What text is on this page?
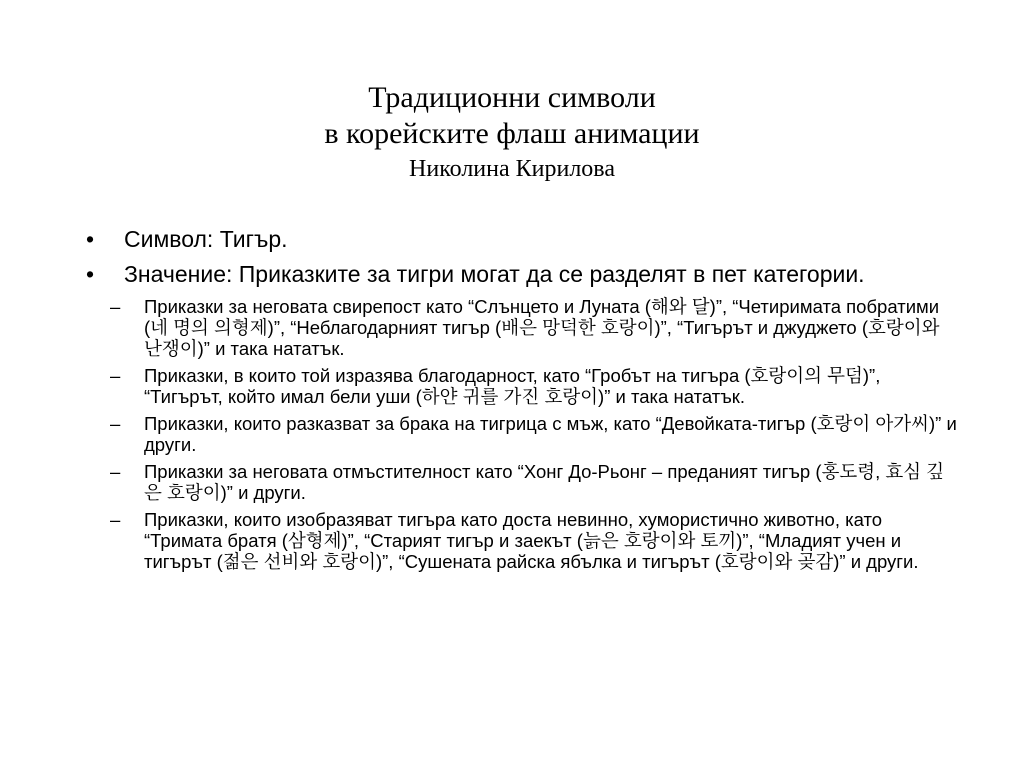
Традиционни символи
в корейските флаш анимации
Николина Кирилова
• Символ: Тигър.
• Значение: Приказките за тигри могат да се разделят в пет категории.
– Приказки за неговата свирепост като “Слънцето и Луната (해와 달)”, “Четиримата побратими (네 명의 의형제)”, “Неблагодарният тигър (배은 망덕한 호랑이)”, “Тигърът и джуджето (호랑이와 난쟁이)” и така нататък.
– Приказки, в които той изразява благодарност, като “Гробът на тигъра (호랑이의 무덤)”, “Тигърът, който имал бели уши (하얀 귀를 가진 호랑이)” и така нататък.
– Приказки, които разказват за брака на тигрица с мъж, като “Девойката-тигър (호랑이 아가씨)” и други.
– Приказки за неговата отмъстителност като “Хонг До-Рьонг – преданият тигър (홍도령, 효심 깊은 호랑이)” и други.
– Приказки, които изобразяват тигъра като доста невинно, хумористично животно, като “Тримата братя (삼형제)”, “Старият тигър и заекът (늙은 호랑이와 토끼)”, “Младият учен и тигърът (젊은 선비와 호랑이)”, “Сушената райска ябълка и тигърът (호랑이와 곶감)” и други.
